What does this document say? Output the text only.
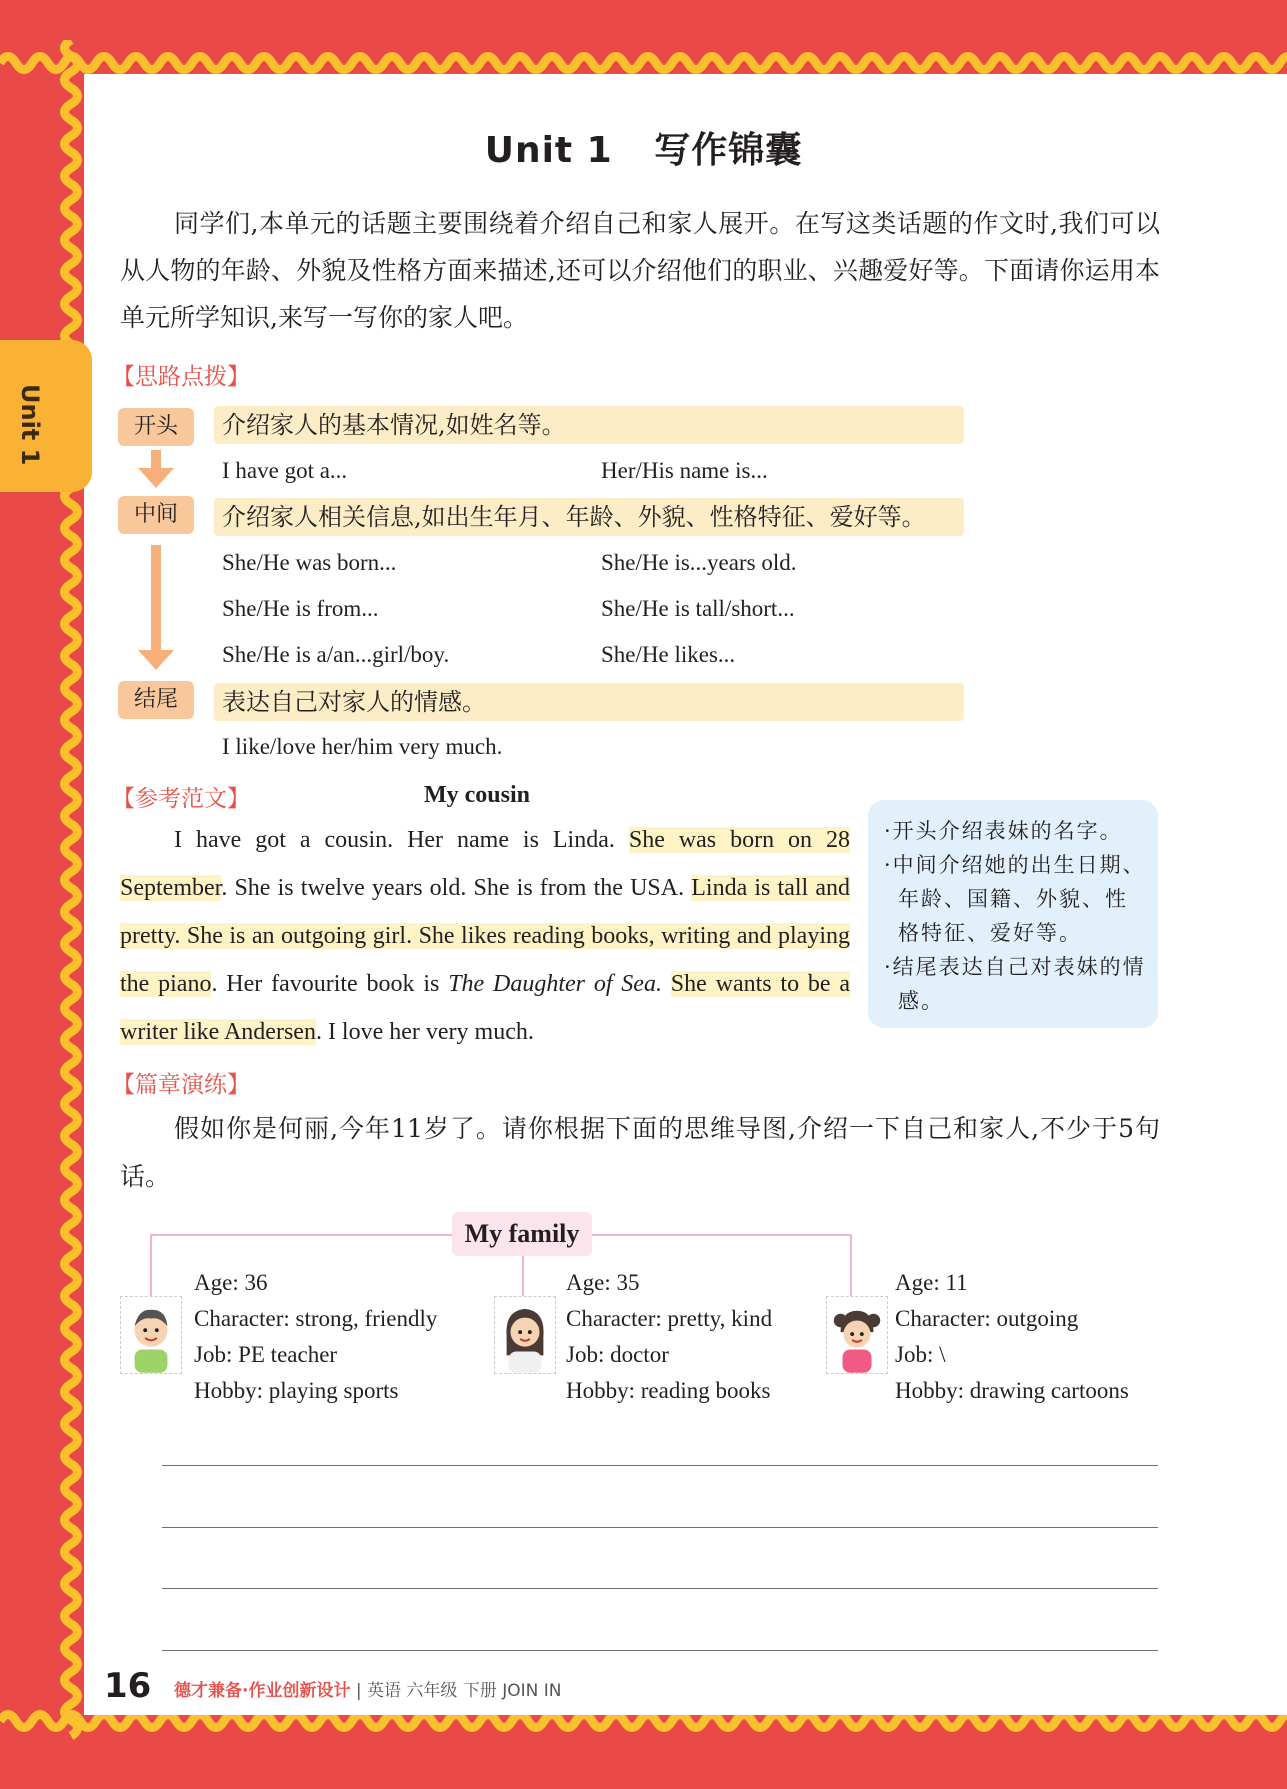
Unit 1
Unit 1 写作锦囊
同学们,本单元的话题主要围绕着介绍自己和家人展开。在写这类话题的作文时,我们可以从人物的年龄、外貌及性格方面来描述,还可以介绍他们的职业、兴趣爱好等。下面请你运用本单元所学知识,来写一写你的家人吧。
【思路点拨】
开头	介绍家人的基本情况,如姓名等。
I have got a...	Her/His name is...
中间	介绍家人相关信息,如出生年月、年龄、外貌、性格特征、爱好等。
She/He was born...	She/He is...years old.
She/He is from...	She/He is tall/short...
She/He is a/an...girl/boy.	She/He likes...
结尾	表达自己对家人的情感。
I like/love her/him very much.
【参考范文】	My cousin
I have got a cousin. Her name is Linda. She was born on 28 September. She is twelve years old. She is from the USA. Linda is tall and pretty. She is an outgoing girl. She likes reading books, writing and playing the piano. Her favourite book is The Daughter of Sea. She wants to be a writer like Andersen. I love her very much.
·开头介绍表妹的名字。
·中间介绍她的出生日期、年龄、国籍、外貌、性格特征、爱好等。
·结尾表达自己对表妹的情感。
【篇章演练】
假如你是何丽,今年11岁了。请你根据下面的思维导图,介绍一下自己和家人,不少于5句话。
My family
Age: 36
Character: strong, friendly
Job: PE teacher
Hobby: playing sports
Age: 35
Character: pretty, kind
Job: doctor
Hobby: reading books
Age: 11
Character: outgoing
Job: \
Hobby: drawing cartoons
16 德才兼备·作业创新设计 | 英语 六年级 下册 JOIN IN
